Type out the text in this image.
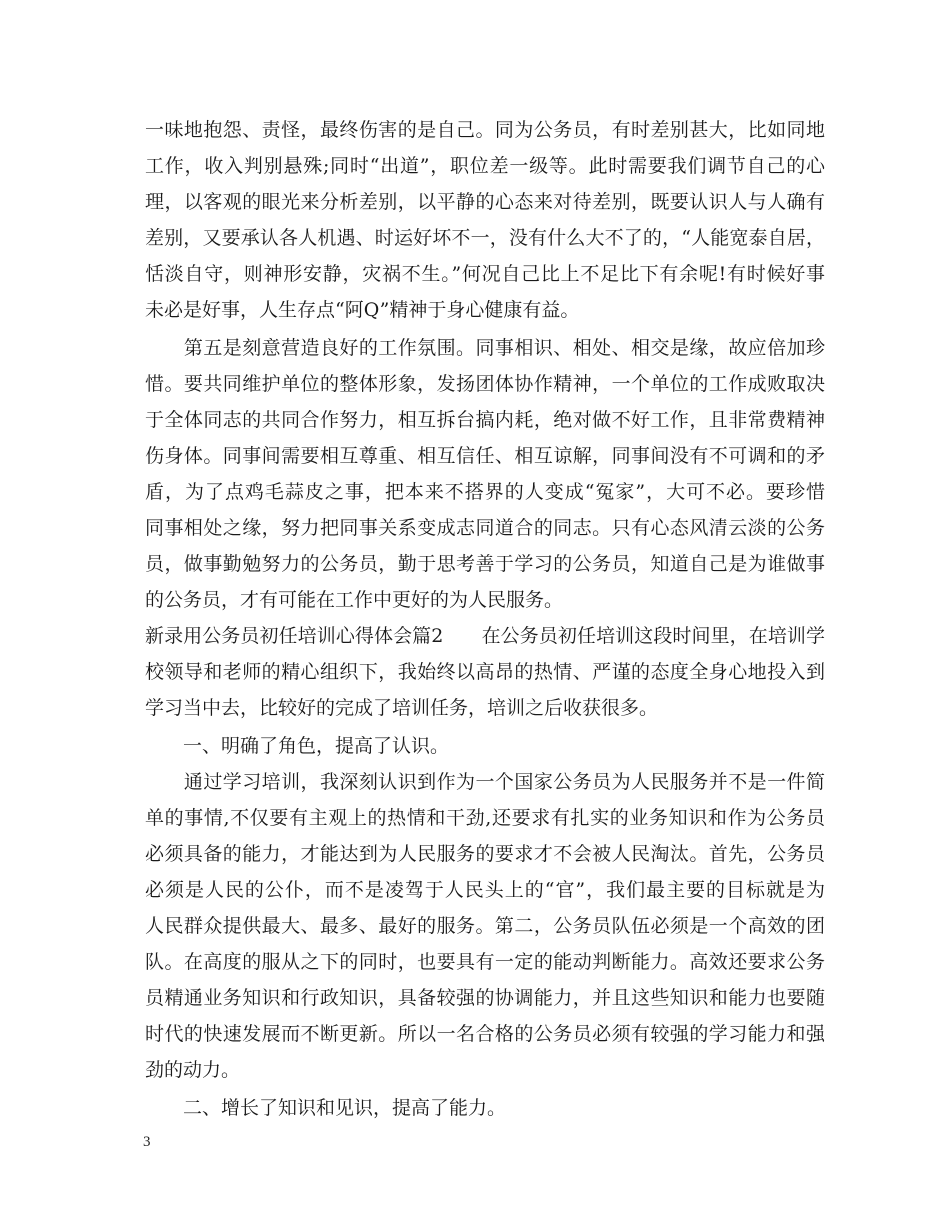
一味地抱怨、责怪，最终伤害的是自己。同为公务员，有时差别甚大，比如同地
工作，收入判别悬殊;同时“出道”，职位差一级等。此时需要我们调节自己的心
理，以客观的眼光来分析差别，以平静的心态来对待差别，既要认识人与人确有
差别，又要承认各人机遇、时运好坏不一，没有什么大不了的，“人能宽泰自居，
恬淡自守，则神形安静，灾祸不生。”何况自己比上不足比下有余呢!有时候好事
未必是好事，人生存点“阿Q”精神于身心健康有益。
　　第五是刻意营造良好的工作氛围。同事相识、相处、相交是缘，故应倍加珍
惜。要共同维护单位的整体形象，发扬团体协作精神，一个单位的工作成败取决
于全体同志的共同合作努力，相互拆台搞内耗，绝对做不好工作，且非常费精神
伤身体。同事间需要相互尊重、相互信任、相互谅解，同事间没有不可调和的矛
盾，为了点鸡毛蒜皮之事，把本来不搭界的人变成“冤家”，大可不必。要珍惜
同事相处之缘，努力把同事关系变成志同道合的同志。只有心态风清云淡的公务
员，做事勤勉努力的公务员，勤于思考善于学习的公务员，知道自己是为谁做事
的公务员，才有可能在工作中更好的为人民服务。
新录用公务员初任培训心得体会篇2　　在公务员初任培训这段时间里，在培训学
校领导和老师的精心组织下，我始终以高昂的热情、严谨的态度全身心地投入到
学习当中去，比较好的完成了培训任务，培训之后收获很多。
　　一、明确了角色，提高了认识。
　　通过学习培训，我深刻认识到作为一个国家公务员为人民服务并不是一件简
单的事情,不仅要有主观上的热情和干劲,还要求有扎实的业务知识和作为公务员
必须具备的能力，才能达到为人民服务的要求才不会被人民淘汰。首先，公务员
必须是人民的公仆，而不是凌驾于人民头上的“官”，我们最主要的目标就是为
人民群众提供最大、最多、最好的服务。第二，公务员队伍必须是一个高效的团
队。在高度的服从之下的同时，也要具有一定的能动判断能力。高效还要求公务
员精通业务知识和行政知识，具备较强的协调能力，并且这些知识和能力也要随
时代的快速发展而不断更新。所以一名合格的公务员必须有较强的学习能力和强
劲的动力。
　　二、增长了知识和见识，提高了能力。
3
